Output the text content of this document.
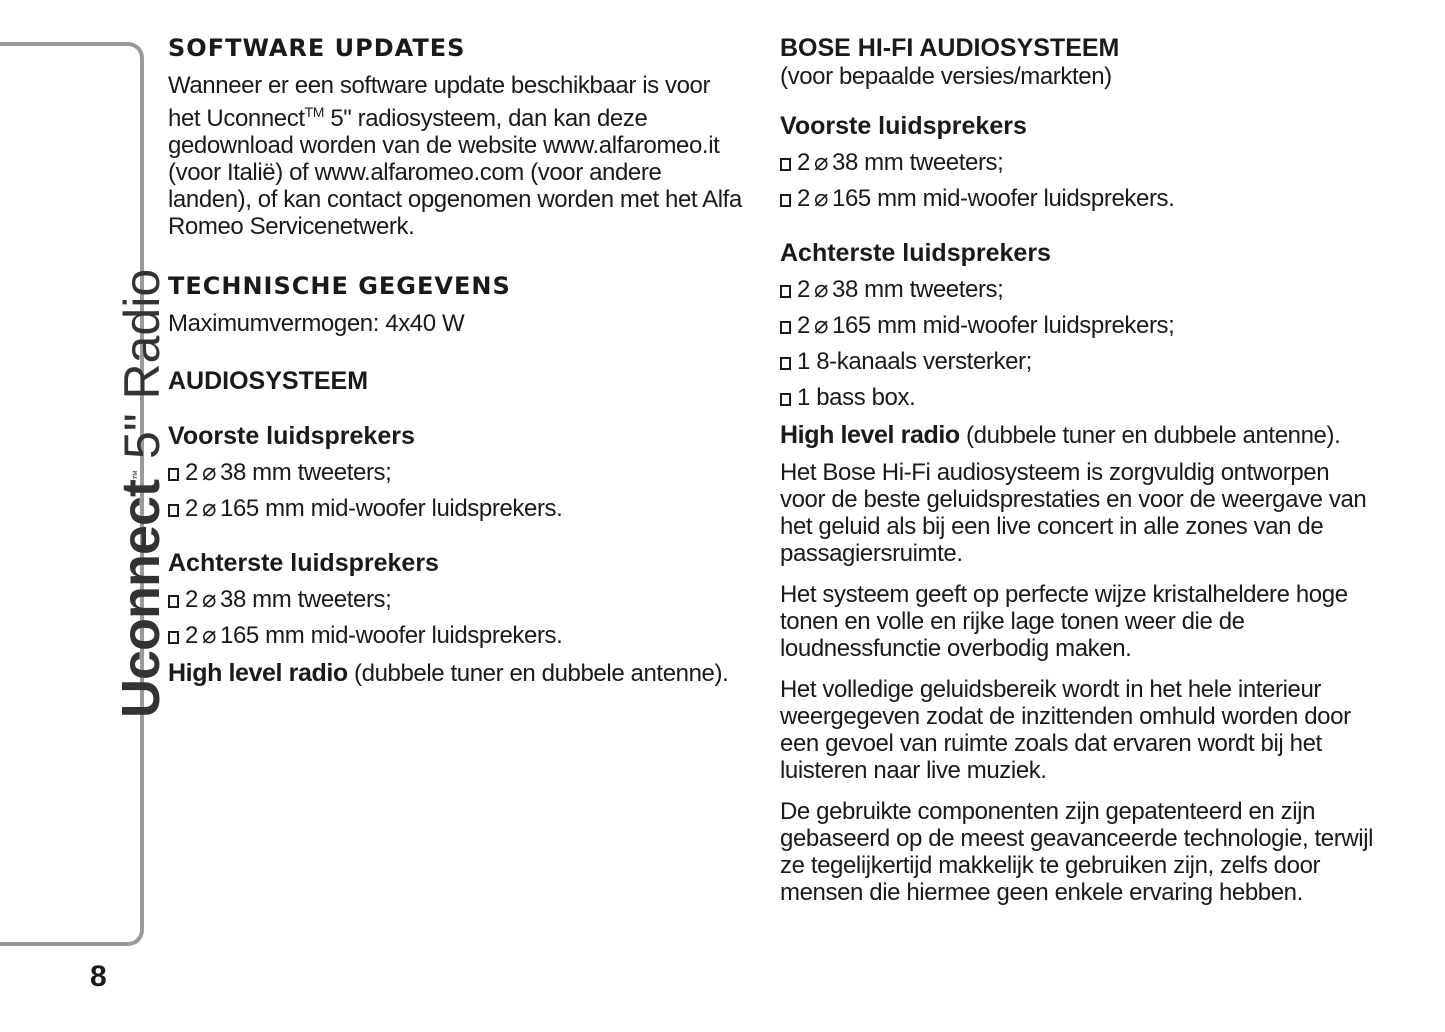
Uconnect™
5" Radio
8
SOFTWARE UPDATES

Wanneer er een software update beschikbaar is voor het Uconnect™ 5" radiosysteem, dan kan deze gedownload worden van de website www.alfaromeo.it (voor Italië) of www.alfaromeo.com (voor andere landen), of kan contact opgenomen worden met het Alfa Romeo Servicenetwerk.

TECHNISCHE GEGEVENS

Maximumvermogen: 4x40 W

AUDIOSYSTEEM
Voorste luidsprekers
2 ⌀ 38 mm tweeters;
2 ⌀ 165 mm mid-woofer luidsprekers.
Achterste luidsprekers
2 ⌀ 38 mm tweeters;
2 ⌀ 165 mm mid-woofer luidsprekers.
High level radio (dubbele tuner en dubbele antenne).
BOSE HI-FI AUDIOSYSTEEM

(voor bepaalde versies/markten)

Voorste luidsprekers
2 ⌀ 38 mm tweeters;
2 ⌀ 165 mm mid-woofer luidsprekers.
Achterste luidsprekers
2 ⌀ 38 mm tweeters;
2 ⌀ 165 mm mid-woofer luidsprekers;
1 8-kanaals versterker;
1 bass box.
High level radio (dubbele tuner en dubbele antenne).

Het Bose Hi-Fi audiosysteem is zorgvuldig ontworpen voor de beste geluidsprestaties en voor de weergave van het geluid als bij een live concert in alle zones van de passagiersruimte.

Het systeem geeft op perfecte wijze kristalheldere hoge tonen en volle en rijke lage tonen weer die de loudnessfunctie overbodig maken.

Het volledige geluidsbereik wordt in het hele interieur weergegeven zodat de inzittenden omhuld worden door een gevoel van ruimte zoals dat ervaren wordt bij het luisteren naar live muziek.

De gebruikte componenten zijn gepatenteerd en zijn gebaseerd op de meest geavanceerde technologie, terwijl ze tegelijkertijd makkelijk te gebruiken zijn, zelfs door mensen die hiermee geen enkele ervaring hebben.
